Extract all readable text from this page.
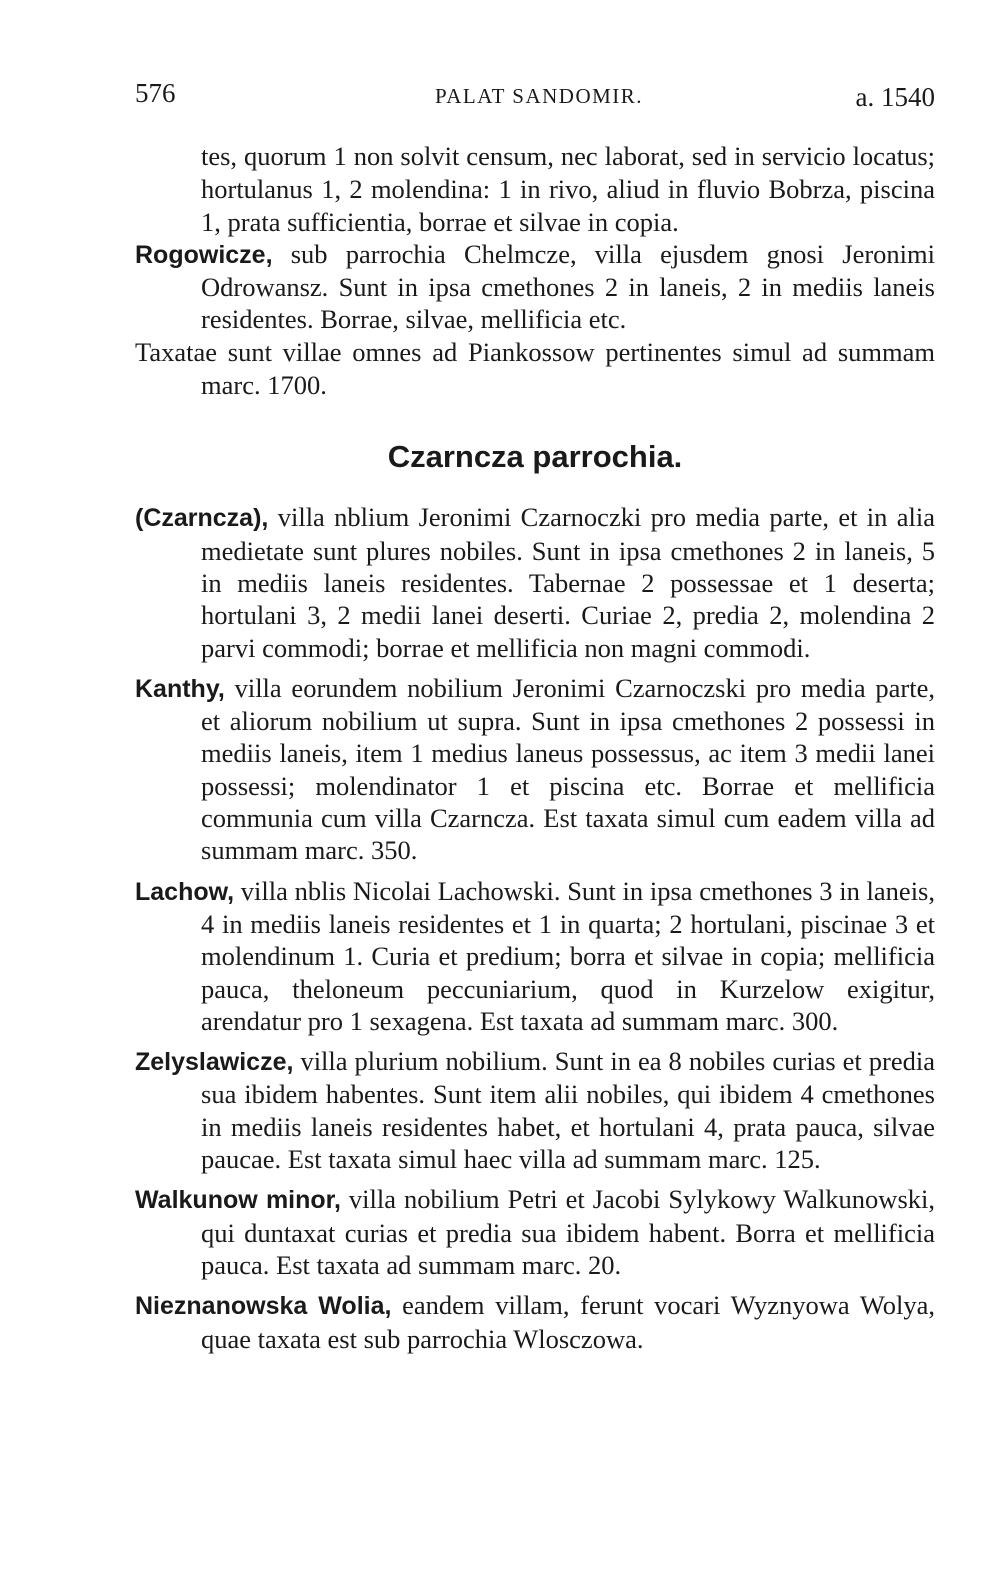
576	PALAT SANDOMIR.	a. 1540

tes, quorum 1 non solvit censum, nec laborat, sed in servicio locatus; hortulanus 1, 2 molendina: 1 in rivo, aliud in fluvio Bobrza, piscina 1, prata sufficientia, borrae et silvae in copia.

Rogowicze, sub parrochia Chelmcze, villa ejusdem gnosi Jeronimi Odrowansz. Sunt in ipsa cmethones 2 in laneis, 2 in mediis laneis residentes. Borrae, silvae, mellificia etc.

Taxatae sunt villae omnes ad Piankossow pertinentes simul ad summam marc. 1700.

Czarncza parrochia.

(Czarncza), villa nblium Jeronimi Czarnoczki pro media parte, et in alia medietate sunt plures nobiles. Sunt in ipsa cmethones 2 in laneis, 5 in mediis laneis residentes. Tabernae 2 possessae et 1 deserta; hortulani 3, 2 medii lanei deserti. Curiae 2, predia 2, molendina 2 parvi commodi; borrae et mellificia non magni commodi.

Kanthy, villa eorundem nobilium Jeronimi Czarnoczski pro media parte, et aliorum nobilium ut supra. Sunt in ipsa cmethones 2 possessi in mediis laneis, item 1 medius laneus possessus, ac item 3 medii lanei possessi; molendinator 1 et piscina etc. Borrae et mellificia communia cum villa Czarncza. Est taxata simul cum eadem villa ad summam marc. 350.

Lachow, villa nblis Nicolai Lachowski. Sunt in ipsa cmethones 3 in laneis, 4 in mediis laneis residentes et 1 in quarta; 2 hortulani, piscinae 3 et molendinum 1. Curia et predium; borra et silvae in copia; mellificia pauca, theloneum peccuniarium, quod in Kurzelow exigitur, arendatur pro 1 sexagena. Est taxata ad summam marc. 300.

Zelyslawicze, villa plurium nobilium. Sunt in ea 8 nobiles curias et predia sua ibidem habentes. Sunt item alii nobiles, qui ibidem 4 cmethones in mediis laneis residentes habet, et hortulani 4, prata pauca, silvae paucae. Est taxata simul haec villa ad summam marc. 125.

Walkunow minor, villa nobilium Petri et Jacobi Sylykowy Walkunowski, qui duntaxat curias et predia sua ibidem habent. Borra et mellificia pauca. Est taxata ad summam marc. 20.

Nieznanowska Wolia, eandem villam, ferunt vocari Wyznyowa Wolya, quae taxata est sub parrochia Wlosczowa.
